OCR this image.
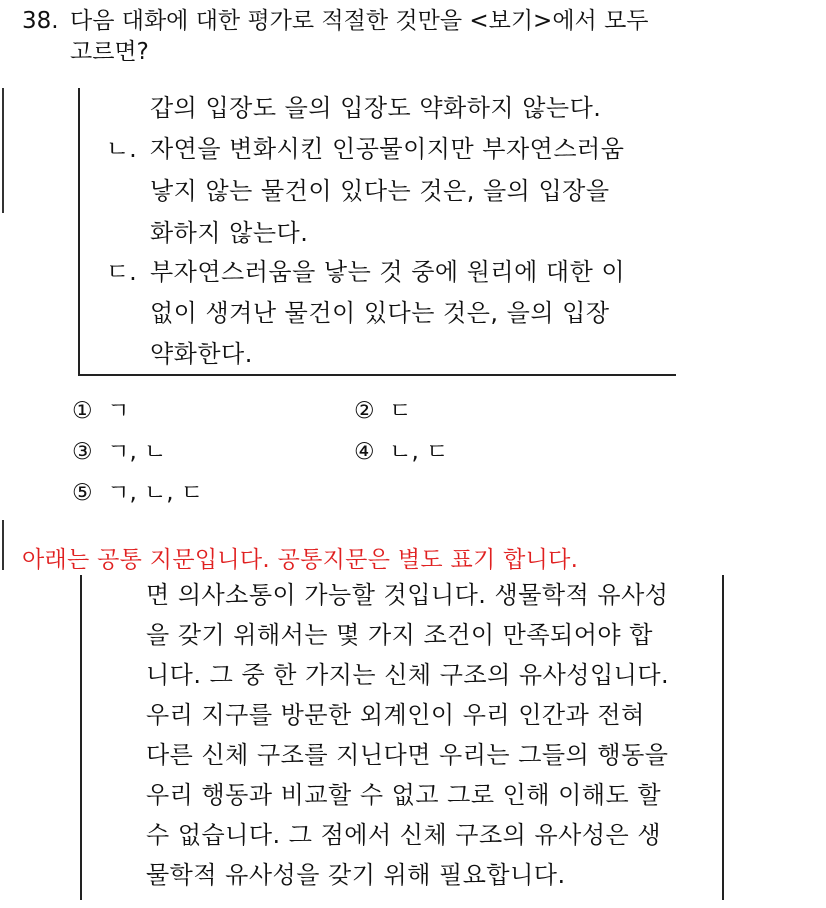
38. 다음 대화에 대한 평가로 적절한 것만을 <보기>에서 모두
고르면?
갑의 입장도 을의 입장도 약화하지 않는다.
ㄴ. 자연을 변화시킨 인공물이지만 부자연스러움
낳지 않는 물건이 있다는 것은, 을의 입장을
화하지 않는다.
ㄷ. 부자연스러움을 낳는 것 중에 원리에 대한 이
없이 생겨난 물건이 있다는 것은, 을의 입장
약화한다.
① ㄱ	② ㄷ
③ ㄱ, ㄴ	④ ㄴ, ㄷ
⑤ ㄱ, ㄴ, ㄷ
아래는 공통 지문입니다. 공통지문은 별도 표기 합니다.
면 의사소통이 가능할 것입니다. 생물학적 유사성
을 갖기 위해서는 몇 가지 조건이 만족되어야 합
니다. 그 중 한 가지는 신체 구조의 유사성입니다.
우리 지구를 방문한 외계인이 우리 인간과 전혀
다른 신체 구조를 지닌다면 우리는 그들의 행동을
우리 행동과 비교할 수 없고 그로 인해 이해도 할
수 없습니다. 그 점에서 신체 구조의 유사성은 생
물학적 유사성을 갖기 위해 필요합니다.
